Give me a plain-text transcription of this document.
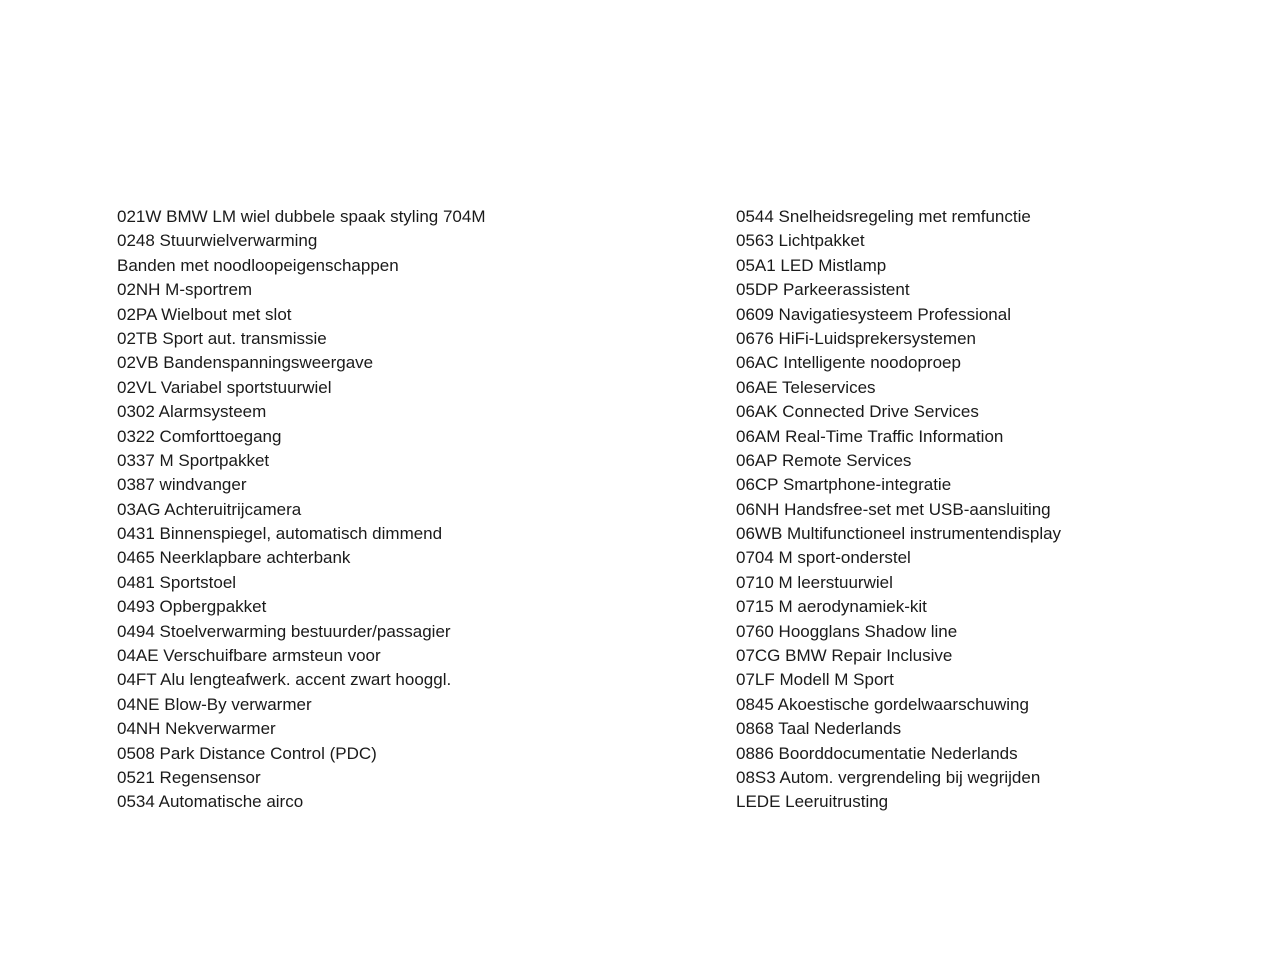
021W BMW LM wiel dubbele spaak styling 704M
0248 Stuurwielverwarming
Banden met noodloopeigenschappen
02NH M-sportrem
02PA Wielbout met slot
02TB Sport aut. transmissie
02VB Bandenspanningsweergave
02VL Variabel sportstuurwiel
0302 Alarmsysteem
0322 Comforttoegang
0337 M Sportpakket
0387 windvanger
03AG Achteruitrijcamera
0431 Binnenspiegel, automatisch dimmend
0465 Neerklapbare achterbank
0481 Sportstoel
0493 Opbergpakket
0494 Stoelverwarming bestuurder/passagier
04AE Verschuifbare armsteun voor
04FT Alu lengteafwerk. accent zwart hooggl.
04NE Blow-By verwarmer
04NH Nekverwarmer
0508 Park Distance Control (PDC)
0521 Regensensor
0534 Automatische airco
0544 Snelheidsregeling met remfunctie
0563 Lichtpakket
05A1 LED Mistlamp
05DP Parkeerassistent
0609 Navigatiesysteem Professional
0676 HiFi-Luidsprekersystemen
06AC Intelligente noodoproep
06AE Teleservices
06AK Connected Drive Services
06AM Real-Time Traffic Information
06AP Remote Services
06CP Smartphone-integratie
06NH Handsfree-set met USB-aansluiting
06WB Multifunctioneel instrumentendisplay
0704 M sport-onderstel
0710 M leerstuurwiel
0715 M aerodynamiek-kit
0760 Hoogglans Shadow line
07CG BMW Repair Inclusive
07LF Modell M Sport
0845 Akoestische gordelwaarschuwing
0868 Taal Nederlands
0886 Boorddocumentatie Nederlands
08S3 Autom. vergrendeling bij wegrijden
LEDE Leeruitrusting
